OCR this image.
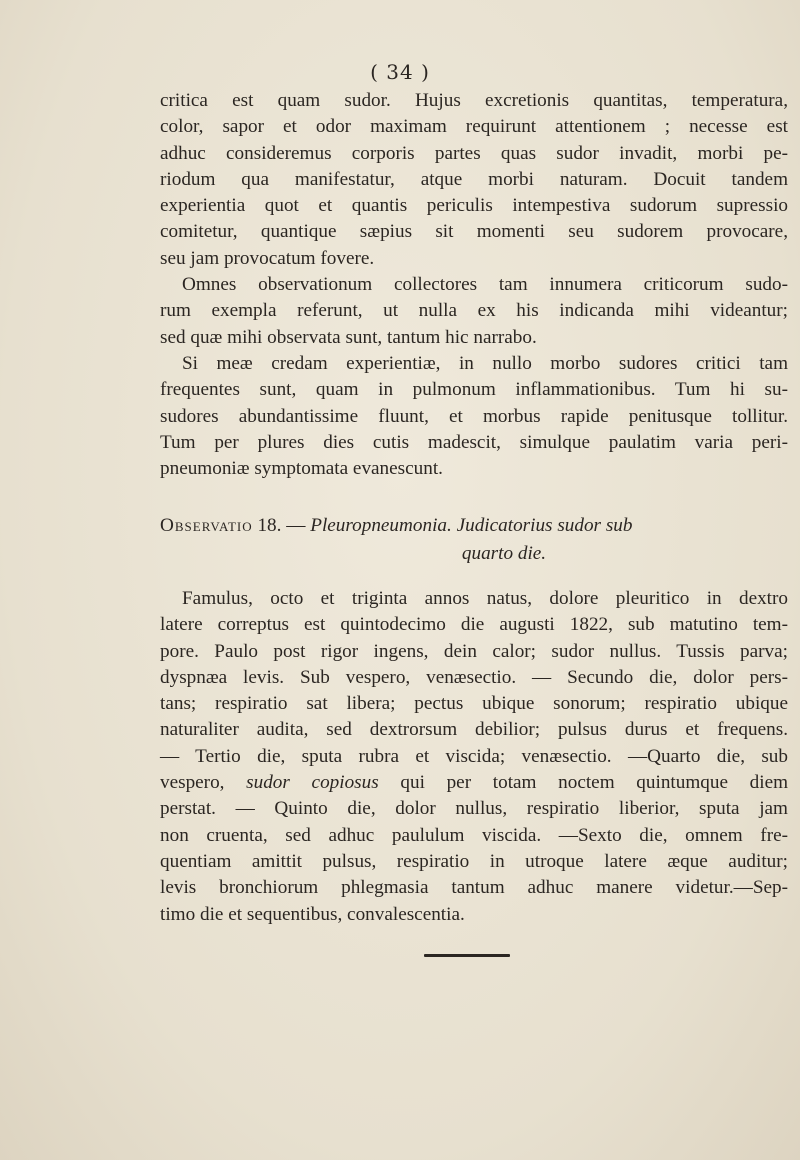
( 34 )
critica est quam sudor. Hujus excretionis quantitas, temperatura,
color, sapor et odor maximam requirunt attentionem ; necesse est
adhuc consideremus corporis partes quas sudor invadit, morbi pe-
riodum qua manifestatur, atque morbi naturam. Docuit tandem
experientia quot et quantis periculis intempestiva sudorum supressio
comitetur, quantique sæpius sit momenti seu sudorem provocare,
seu jam provocatum fovere.
Omnes observationum collectores tam innumera criticorum sudo-
rum exempla referunt, ut nulla ex his indicanda mihi videantur;
sed quæ mihi observata sunt, tantum hic narrabo.
Si meæ credam experientiæ, in nullo morbo sudores critici tam
frequentes sunt, quam in pulmonum inflammationibus. Tum hi su-
sudores abundantissime fluunt, et morbus rapide penitusque tollitur.
Tum per plures dies cutis madescit, simulque paulatim varia peri-
pneumoniæ symptomata evanescunt.
Observatio 18. — Pleuropneumonia. Judicatorius sudor sub
quarto die.
Famulus, octo et triginta annos natus, dolore pleuritico in dextro
latere correptus est quintodecimo die augusti 1822, sub matutino tem-
pore. Paulo post rigor ingens, dein calor; sudor nullus. Tussis parva;
dyspnæa levis. Sub vespero, venæsectio. — Secundo die, dolor pers-
tans; respiratio sat libera; pectus ubique sonorum; respiratio ubique
naturaliter audita, sed dextrorsum debilior; pulsus durus et frequens.
— Tertio die, sputa rubra et viscida; venæsectio. —Quarto die, sub
vespero, sudor copiosus qui per totam noctem quintumque diem
perstat. — Quinto die, dolor nullus, respiratio liberior, sputa jam
non cruenta, sed adhuc paululum viscida. —Sexto die, omnem fre-
quentiam amittit pulsus, respiratio in utroque latere æque auditur;
levis bronchiorum phlegmasia tantum adhuc manere videtur.—Sep-
timo die et sequentibus, convalescentia.
